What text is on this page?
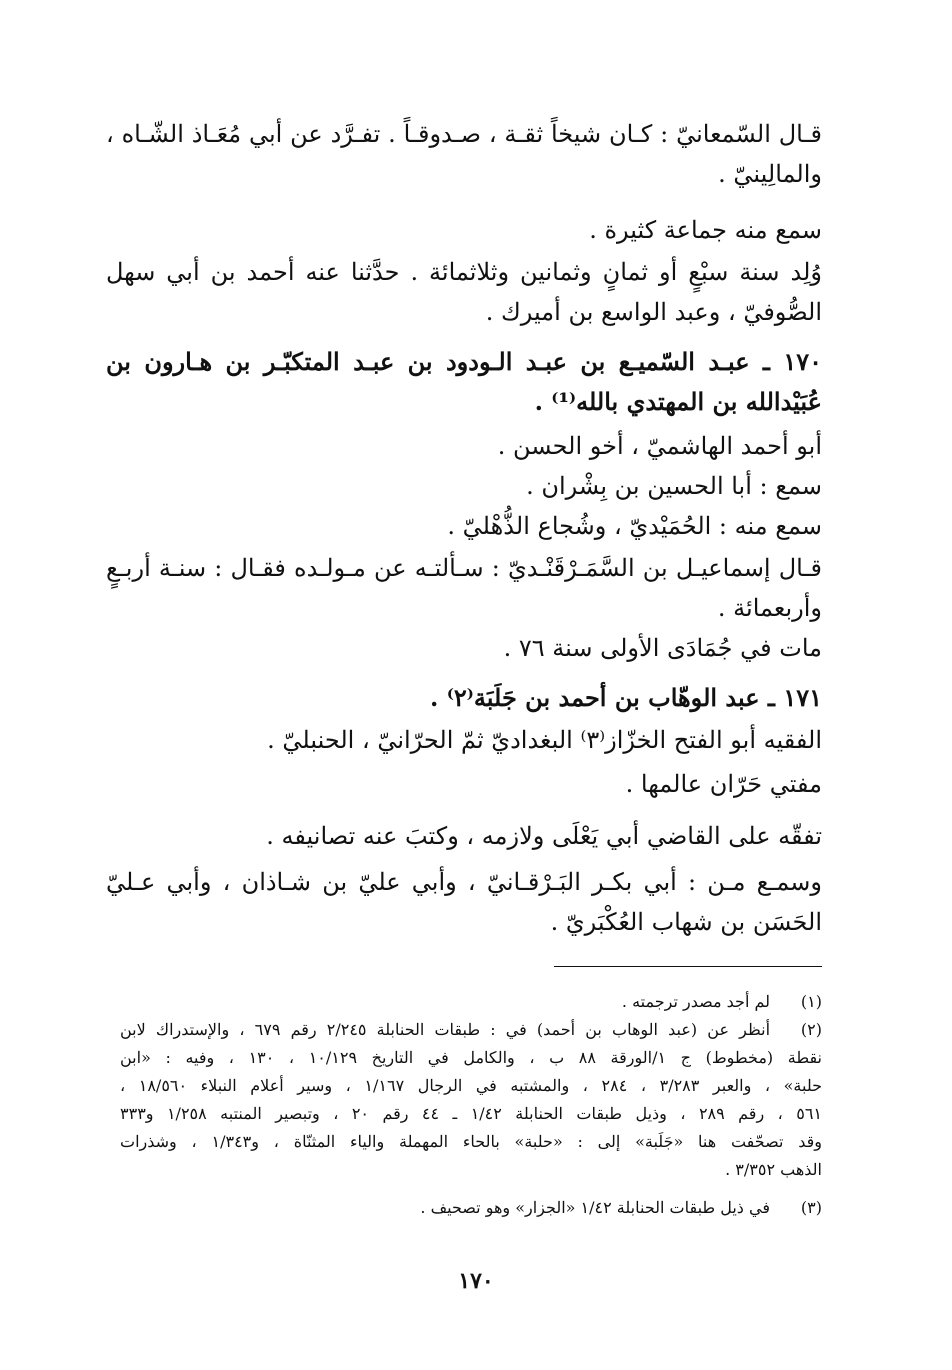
قـال السّمعانيّ : كـان شيخاً ثقـة ، صـدوقـاً . تفـرَّد عن أبي مُعَـاذ الشّـاه ،

والمالِينيّ .

سمع منه جماعة كثيرة .

وُلِد سنة سبْعٍ أو ثمانٍ وثمانين وثلاثمائة . حدَّثنا عنه أحمد بن أبي سهل

الصُّوفيّ ، وعبد الواسع بن أميرك .

١٧٠ ـ عبـد السّميـع بن عبـد الـودود بن عبـد المتكبّـر بن هـارون بن

عُبَيْدالله بن المهتدي بالله⁽¹⁾ .

أبو أحمد الهاشميّ ، أخو الحسن .

سمع : أبا الحسين بن بِشْران .

سمع منه : الحُمَيْديّ ، وشُجاع الذُّهْليّ .

قـال إسماعيـل بن السَّمَـرْقَنْـديّ : سـألتـه عن مـولـده فقـال : سنـة أربـعٍ

وأربعمائة .

مات في جُمَادَى الأولى سنة ٧٦ .

١٧١ ـ عبد الوهّاب بن أحمد بن جَلَبَة⁽٢⁾ .

الفقيه أبو الفتح الخزّاز⁽٣⁾ البغداديّ ثمّ الحرّانيّ ، الحنبليّ .

مفتي حَرّان عالمها .

تفقّه على القاضي أبي يَعْلَى ولازمه ، وكتبَ عنه تصانيفه .

وسمـع مـن : أبي بكـر البَـرْقـانيّ ، وأبي عليّ بن شـاذان ، وأبي عـليّ

الحَسَن بن شهاب العُكْبَريّ .

(١)
لم أجد مصدر ترجمته .
(٢)
أنظر عن (عبد الوهاب بن أحمد) في : طبقات الحنابلة ٢/٢٤٥ رقم ٦٧٩ ، والإستدراك لابن
نقطة (مخطوط) ج ١/الورقة ٨٨ ب ، والكامل في التاريخ ١٠/١٢٩ ، ١٣٠ ، وفيه : «ابن
حلبة» ، والعبر ٣/٢٨٣ ، ٢٨٤ ، والمشتبه في الرجال ١/١٦٧ ، وسير أعلام النبلاء ١٨/٥٦٠ ،
٥٦١ ، رقم ٢٨٩ ، وذيل طبقات الحنابلة ١/٤٢ ـ ٤٤ رقم ٢٠ ، وتبصير المنتبه ١/٢٥٨ و٣٣٣
وقد تصحّفت هنا «جَلَبة» إلى : «حلبة» بالحاء المهملة والياء المثنّاة ، و١/٣٤٣ ، وشذرات
الذهب ٣/٣٥٢ .
(٣)
في ذيل طبقات الحنابلة ١/٤٢ «الجزار» وهو تصحيف .
١٧٠
